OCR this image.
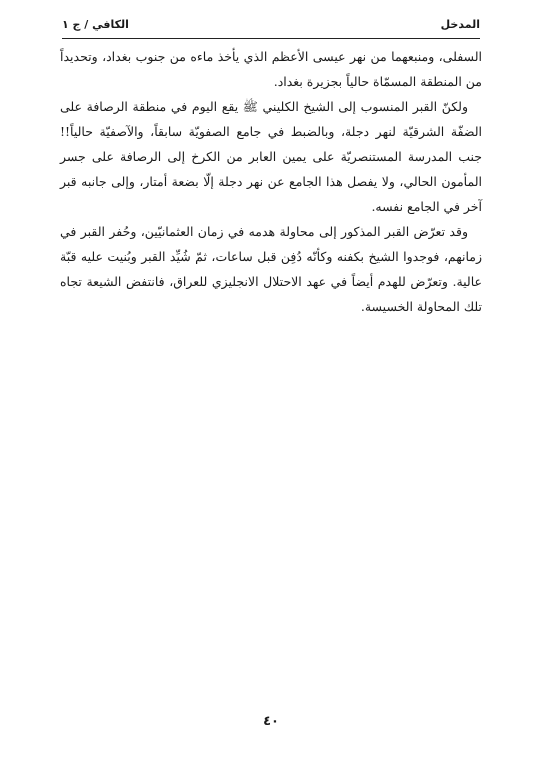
المدخل
الكافي / ج ١

السفلى، ومنبعهما من نهر عيسى الأعظم الذي يأخذ ماءه من جنوب بغداد، وتحديداً من المنطقة المسمّاة حالياً بجزيرة بغداد.

ولكنّ القبر المنسوب إلى الشيخ الكليني ﷺ يقع اليوم في منطقة الرصافة على الضفّة الشرقيّة لنهر دجلة، وبالضبط في جامع الصفويّة سابقاً، والآصفيّة حالياً!! جنب المدرسة المستنصريّة على يمين العابر من الكرخ إلى الرصافة على جسر المأمون الحالي، ولا يفصل هذا الجامع عن نهر دجلة إلّا بضعة أمتار، وإلى جانبه قبر آخر في الجامع نفسه.

وقد تعرّض القبر المذكور إلى محاولة هدمه في زمان العثمانيّين، وحُفر القبر في زمانهم، فوجدوا الشيخ بكفنه وكأنّه دُفِن قبل ساعات، ثمّ شُيِّد القبر وبُنيت عليه قبّة عالية. وتعرّض للهدم أيضاً في عهد الاحتلال الانجليزي للعراق، فانتفض الشيعة تجاه تلك المحاولة الخسيسة.

٤٠
